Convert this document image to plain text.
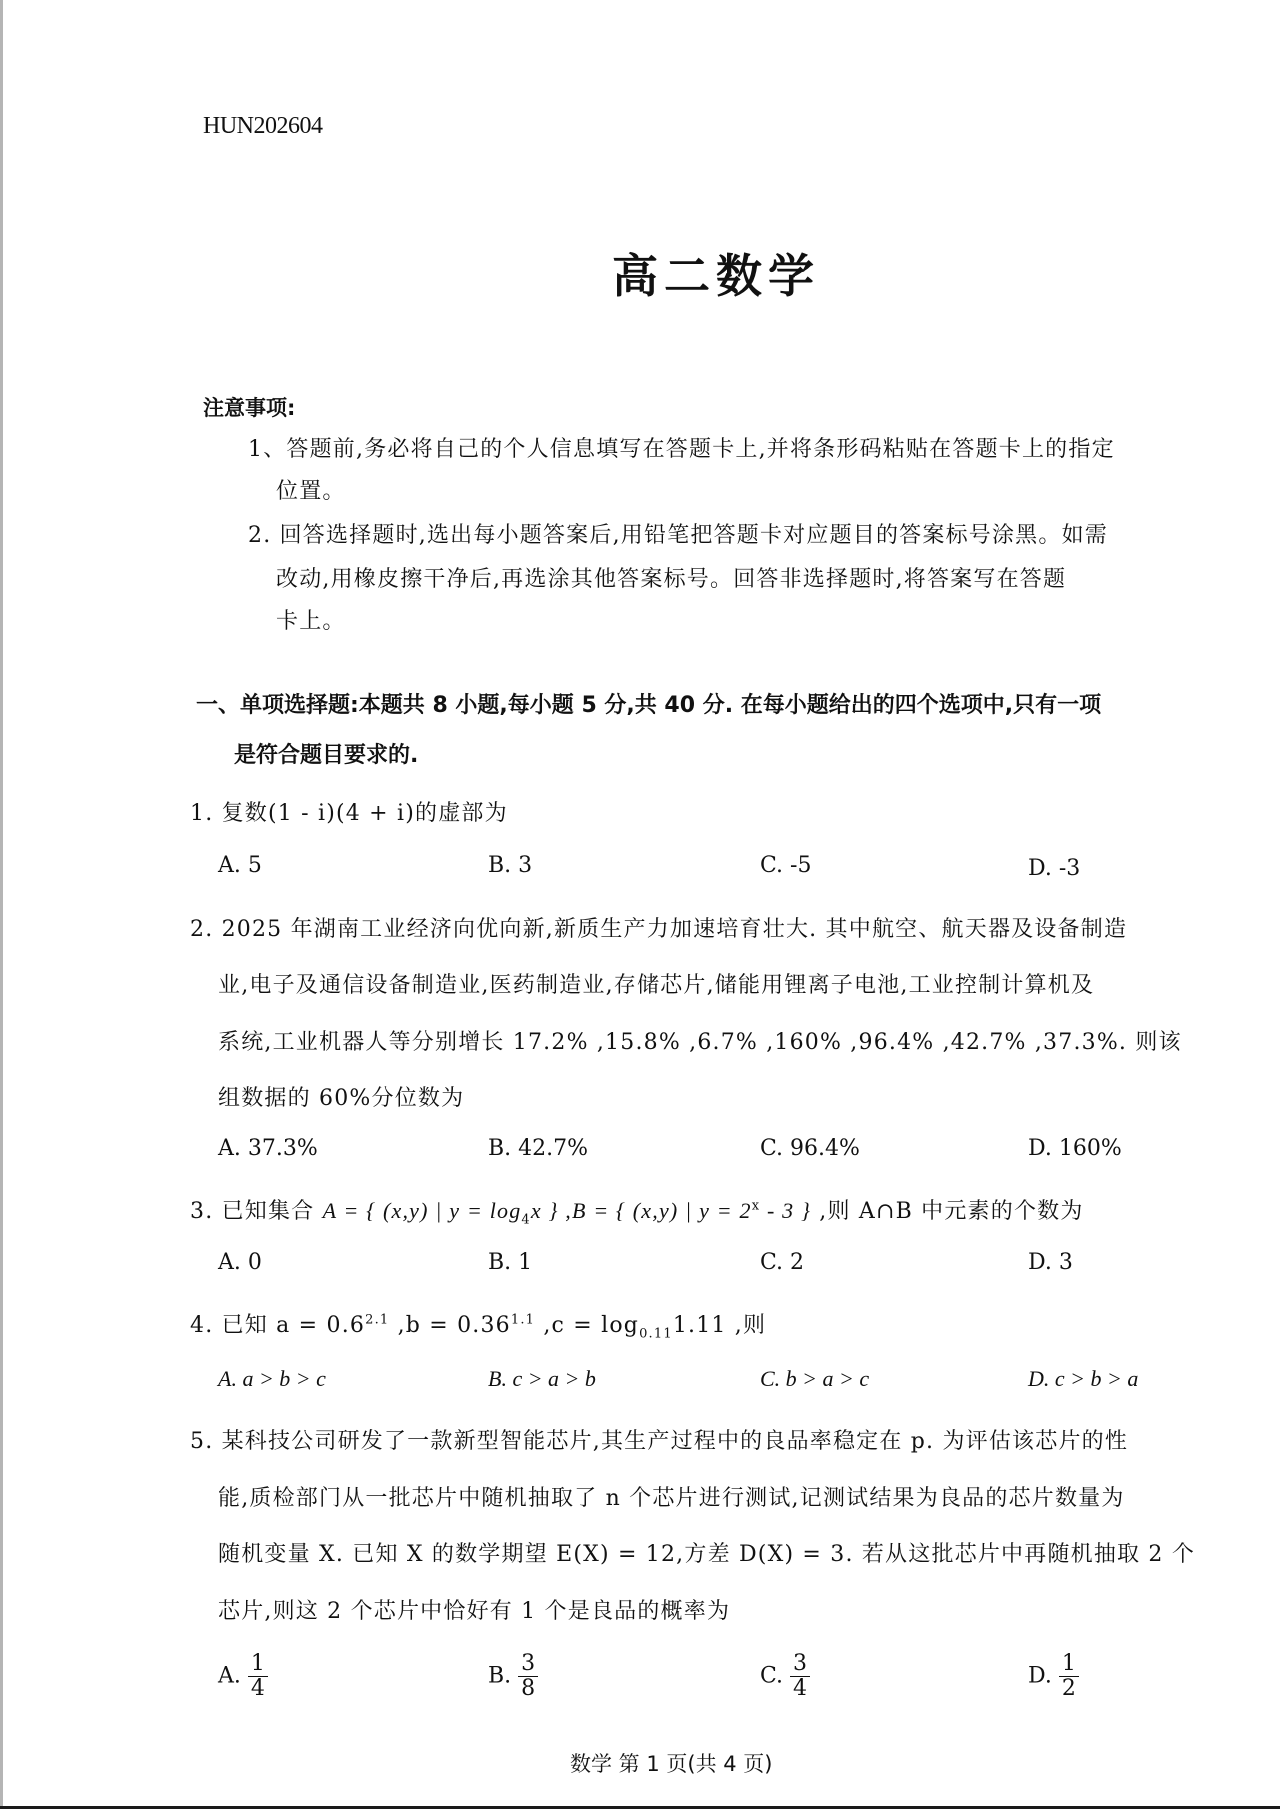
HUN202604
高二数学
注意事项:
1、答题前,务必将自己的个人信息填写在答题卡上,并将条形码粘贴在答题卡上的指定
位置。
2. 回答选择题时,选出每小题答案后,用铅笔把答题卡对应题目的答案标号涂黑。如需
改动,用橡皮擦干净后,再选涂其他答案标号。回答非选择题时,将答案写在答题
卡上。
一、单项选择题:本题共 8 小题,每小题 5 分,共 40 分. 在每小题给出的四个选项中,只有一项
是符合题目要求的.
1. 复数(1 - i)(4 + i)的虚部为
A. 5	B. 3	C. -5	D. -3
2. 2025 年湖南工业经济向优向新,新质生产力加速培育壮大. 其中航空、航天器及设备制造
业,电子及通信设备制造业,医药制造业,存储芯片,储能用锂离子电池,工业控制计算机及
系统,工业机器人等分别增长 17.2% ,15.8% ,6.7% ,160% ,96.4% ,42.7% ,37.3%. 则该
组数据的 60%分位数为
A. 37.3%	B. 42.7%	C. 96.4%	D. 160%
3. 已知集合 A = { (x,y) | $y = \log_4x$ } ,B = { (x,y) | $y = 2^x - 3$ } ,则 A∩B 中元素的个数为
A. 0	B. 1	C. 2	D. 3
4. 已知 $a = 0.6^{2.1}$ $,b = 0.36^{1.1}$ $,c = \log_{0.11}1.11$ ,则
A. a > b > c	B. c > a > b	C. b > a > c	D. c > b > a
5. 某科技公司研发了一款新型智能芯片,其生产过程中的良品率稳定在 p. 为评估该芯片的性
能,质检部门从一批芯片中随机抽取了 n 个芯片进行测试,记测试结果为良品的芯片数量为
随机变量 X. 已知 X 的数学期望 E(X) = 12,方差 D(X) = 3. 若从这批芯片中再随机抽取 2 个
芯片,则这 2 个芯片中恰好有 1 个是良品的概率为
A. $\frac{1}{4}$	B. $\frac{3}{8}$	C. $\frac{3}{4}$	D. $\frac{1}{2}$
数学 第 1 页(共 4 页)
